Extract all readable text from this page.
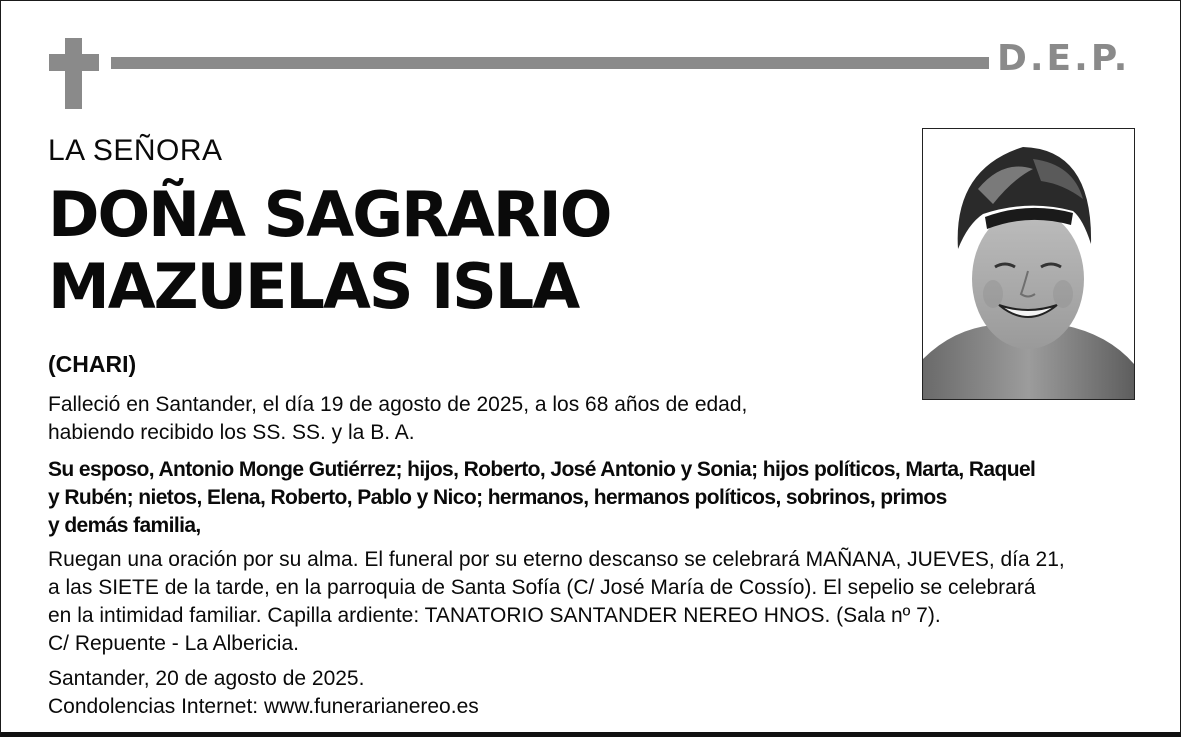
D.E.P.
LA SEÑORA
DOÑA SAGRARIO
MAZUELAS ISLA
(CHARI)
Falleció en Santander, el día 19 de agosto de 2025, a los 68 años de edad,
habiendo recibido los SS. SS. y la B. A.
Su esposo, Antonio Monge Gutiérrez; hijos, Roberto, José Antonio y Sonia; hijos políticos, Marta, Raquel
y Rubén; nietos, Elena, Roberto, Pablo y Nico; hermanos, hermanos políticos, sobrinos, primos
y demás familia,
Ruegan una oración por su alma. El funeral por su eterno descanso se celebrará MAÑANA, JUEVES, día 21,
a las SIETE de la tarde, en la parroquia de Santa Sofía (C/ José María de Cossío). El sepelio se celebrará
en la intimidad familiar. Capilla ardiente: TANATORIO SANTANDER NEREO HNOS. (Sala nº 7).
C/ Repuente - La Albericia.
Santander, 20 de agosto de 2025.
Condolencias Internet: www.funerarianereo.es
